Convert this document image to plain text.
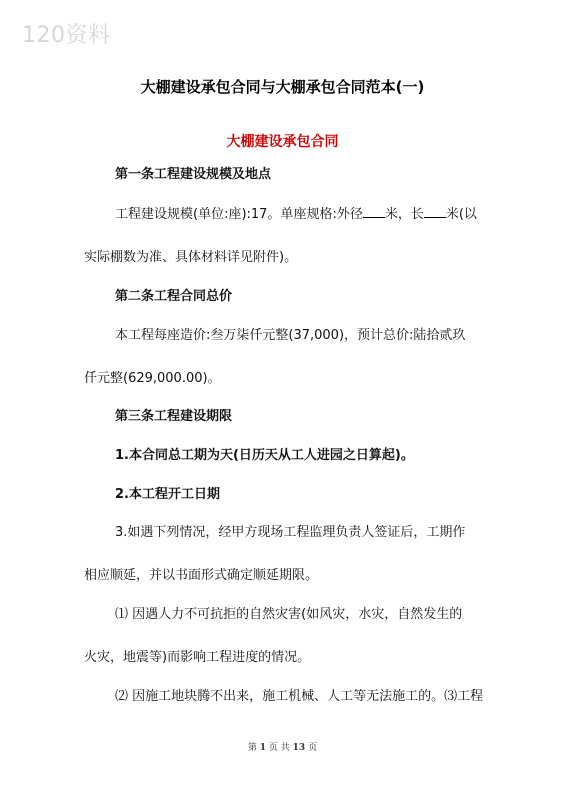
120资料
大棚建设承包合同与大棚承包合同范本(一)
大棚建设承包合同
第一条工程建设规模及地点
工程建设规模(单位:座):17。单座规格:外径 米，长 米(以
实际棚数为准、具体材料详见附件)。
第二条工程合同总价
本工程每座造价:叁万柒仟元整(37,000)，预计总价:陆拾贰玖
仟元整(629,000.00)。
第三条工程建设期限
1.本合同总工期为天(日历天从工人进园之日算起)。
2.本工程开工日期
3.如遇下列情况，经甲方现场工程监理负责人签证后，工期作
相应顺延，并以书面形式确定顺延期限。
⑴ 因遇人力不可抗拒的自然灾害(如风灾，水灾，自然发生的
火灾，地震等)而影响工程进度的情况。
⑵ 因施工地块腾不出来，施工机械、人工等无法施工的。⑶工程
第 1 页 共 13 页
